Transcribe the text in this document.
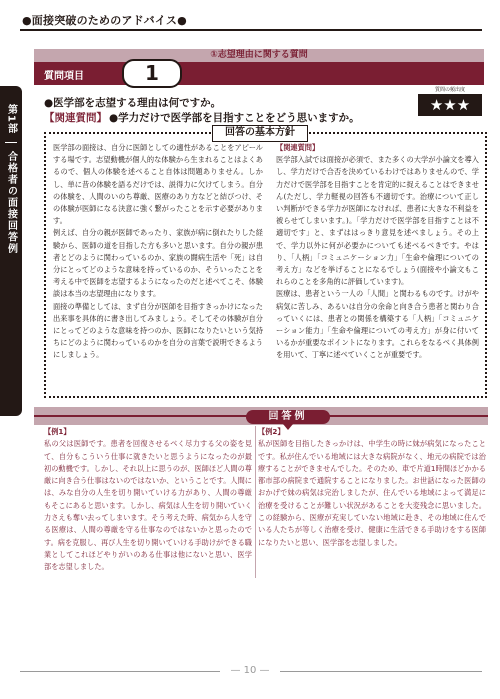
●面接突破のためのアドバイス●
第1部
合格者の面接回答例
①志望理由に関する質問
質問項目	1
質問の頻出度
★★★
●医学部を志望する理由は何ですか。
【関連質問】 ●学力だけで医学部を目指すことをどう思いますか。
回答の基本方針

医学部の面接は、自分に医師としての適性があることをアピールする場です。志望動機が個人的な体験から生まれることはよくあるので、個人の体験を述べること自体は問題ありません。しかし、単に昔の体験を語るだけでは、説得力に欠けてしまう。自分の体験を、人間のいのち尊厳、医療のあり方などと結びつけ、その体験が医師になる決意に強く繋がったことを示す必要があります。

例えば、自分の親が医師であったり、家族が病に倒れたりした経験から、医師の道を目指した方も多いと思います。自分の親が患者とどのように関わっているのか、家族の闘病生活や「死」は自分にとってどのような意味を持っているのか、そういったことを考える中で医師を志望するようになったのだと述べてこそ、体験談は本当の志望理由になります。

面接の準備としては、まず自分が医師を目指すきっかけになった出来事を具体的に書き出してみましょう。そしてその体験が自分にとってどのような意味を持つのか、医師になりたいという気持ちにどのように関わっているのかを自分の言葉で説明できるようにしましょう。

【関連質問】

医学部入試では面接が必須で、また多くの大学が小論文を導入し、学力だけで合否を決めているわけではありませんので、学力だけで医学部を目指すことを肯定的に捉えることはできません(ただし、学力軽視の回答も不適切です。治療について正しい判断ができる学力が医師になければ、患者に大きな不利益を被らせてしまいます。)。「学力だけで医学部を目指すことは不適切です」と、まずははっきり意見を述べましょう。その上で、学力以外に何が必要かについても述べるべきです。やはり、「人柄」「コミュニケーション力」「生命や倫理についての考え方」などを挙げることになるでしょう(面接や小論文もこれらのことを多角的に評価しています)。

医療は、患者という一人の「人間」と関わるものです。けがや病気に苦しみ、あるいは自分の余命と向き合う患者と関わり合っていくには、患者との関係を構築する「人柄」「コミュニケーション能力」「生命や倫理についての考え方」が身に付いているかが重要なポイントになります。これらをなるべく具体例を用いて、丁寧に述べていくことが重要です。

回答例
【例1】
私の父は医師です。患者を回復させるべく尽力する父の姿を見て、自分もこういう仕事に就きたいと思うようになったのが最初の動機です。しかし、それ以上に思うのが、医師ほど人間の尊厳に向き合う仕事はないのではないか、ということです。人間には、みな自分の人生を切り開いていける力があり、人間の尊厳もそこにあると思います。しかし、病気は人生を切り開いていく力さえも奪い去ってしまいます。そう考えた時、病気から人を守る医療は、人間の尊厳を守る仕事なのではないかと思ったのです。病を克服し、再び人生を切り開いていける手助けができる職業としてこれほどやりがいのある仕事は他にないと思い、医学部を志望しました。
【例2】
私が医師を目指したきっかけは、中学生の時に妹が病気になったことです。私が住んでいる地域には大きな病院がなく、地元の病院では治療することができませんでした。そのため、車で片道1時間ほどかかる都市部の病院まで通院することになりました。お世話になった医師のおかげで妹の病気は完治しましたが、住んでいる地域によって満足に治療を受けることが難しい状況があることを大変残念に思いました。この経験から、医療が充実していない地域に赴き、その地域に住んでいる人たちが等しく治療を受け、健康に生活できる手助けをする医師になりたいと思い、医学部を志望しました。
— 10 —
